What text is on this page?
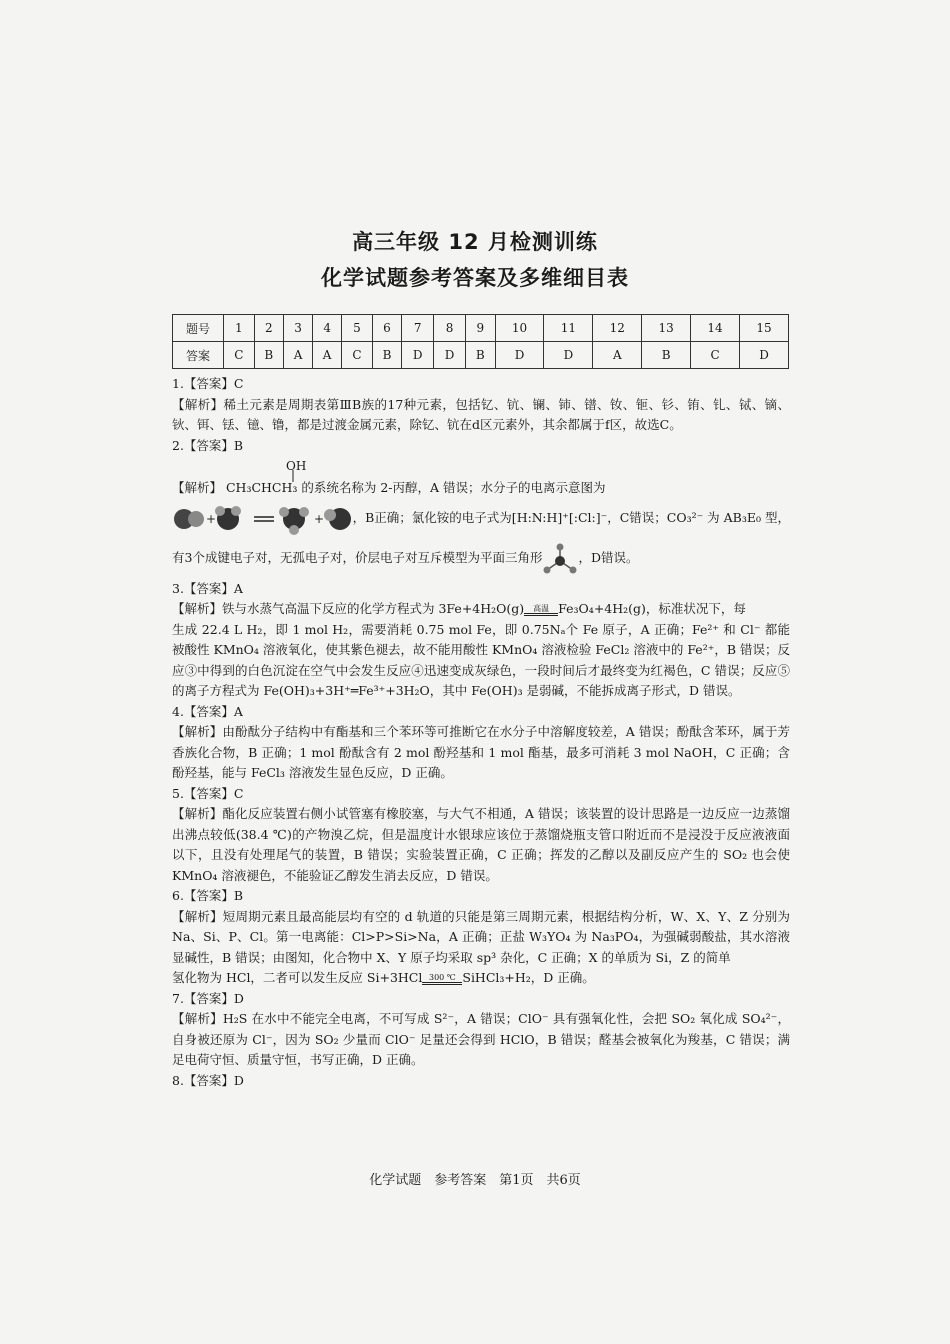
高三年级 12 月检测训练
化学试题参考答案及多维细目表
题号	1	2	3	4	5	6	7	8	9	10	11	12	13	14	15
答案	C	B	A	A	C	B	D	D	B	D	D	A	B	C	D

1.【答案】C

【解析】稀土元素是周期表第ⅢB族的17种元素，包括钇、钪、镧、铈、镨、钕、钷、钐、铕、钆、铽、镝、钬、铒、铥、镱、镥，都是过渡金属元素，除钇、钪在d区元素外，其余都属于f区，故选C。

2.【答案】B

OH

【解析】 CH₃CHCH₃ 的系统名称为 2-丙醇，A 错误；水分子的电离示意图为

+	+ ，B正确；氯化铵的电子式为[H:N:H]⁺[:Cl:]⁻，C错误；CO₃²⁻ 为 AB₃E₀ 型，
有3个成键电子对，无孤电子对，价层电子对互斥模型为平面三角形	，D错误。

3.【答案】A

【解析】铁与水蒸气高温下反应的化学方程式为 3Fe+4H₂O(g)	高温 Fe₃O₄+4H₂(g)，标准状况下，每

生成 22.4 L H₂，即 1 mol H₂，需要消耗 0.75 mol Fe，即 0.75Nₐ个 Fe 原子，A 正确；Fe²⁺ 和 Cl⁻ 都能被酸性 KMnO₄ 溶液氧化，使其紫色褪去，故不能用酸性 KMnO₄ 溶液检验 FeCl₂ 溶液中的 Fe²⁺，B 错误；反应③中得到的白色沉淀在空气中会发生反应④迅速变成灰绿色，一段时间后才最终变为红褐色，C 错误；反应⑤的离子方程式为 Fe(OH)₃+3H⁺═Fe³⁺+3H₂O，其中 Fe(OH)₃ 是弱碱，不能拆成离子形式，D 错误。

4.【答案】A

【解析】由酚酞分子结构中有酯基和三个苯环等可推断它在水分子中溶解度较差，A 错误；酚酞含苯环，属于芳香族化合物，B 正确；1 mol 酚酞含有 2 mol 酚羟基和 1 mol 酯基，最多可消耗 3 mol NaOH，C 正确；含酚羟基，能与 FeCl₃ 溶液发生显色反应，D 正确。

5.【答案】C

【解析】酯化反应装置右侧小试管塞有橡胶塞，与大气不相通，A 错误；该装置的设计思路是一边反应一边蒸馏出沸点较低(38.4 ℃)的产物溴乙烷，但是温度计水银球应该位于蒸馏烧瓶支管口附近而不是浸没于反应液液面以下，且没有处理尾气的装置，B 错误；实验装置正确，C 正确；挥发的乙醇以及副反应产生的 SO₂ 也会使 KMnO₄ 溶液褪色，不能验证乙醇发生消去反应，D 错误。

6.【答案】B

【解析】短周期元素且最高能层均有空的 d 轨道的只能是第三周期元素，根据结构分析，W、X、Y、Z 分别为 Na、Si、P、Cl。第一电离能：Cl>P>Si>Na，A 正确；正盐 W₃YO₄ 为 Na₃PO₄，为强碱弱酸盐，其水溶液显碱性，B 错误；由图知，化合物中 X、Y 原子均采取 sp³ 杂化，C 正确；X 的单质为 Si，Z 的简单

氢化物为 HCl，二者可以发生反应 Si+3HCl 300 ℃ SiHCl₃+H₂，D 正确。

7.【答案】D

【解析】H₂S 在水中不能完全电离，不可写成 S²⁻，A 错误；ClO⁻ 具有强氧化性，会把 SO₂ 氧化成 SO₄²⁻，自身被还原为 Cl⁻，因为 SO₂ 少量而 ClO⁻ 足量还会得到 HClO，B 错误；醛基会被氧化为羧基，C 错误；满足电荷守恒、质量守恒，书写正确，D 正确。

8.【答案】D

化学试题　参考答案　第1页　共6页
